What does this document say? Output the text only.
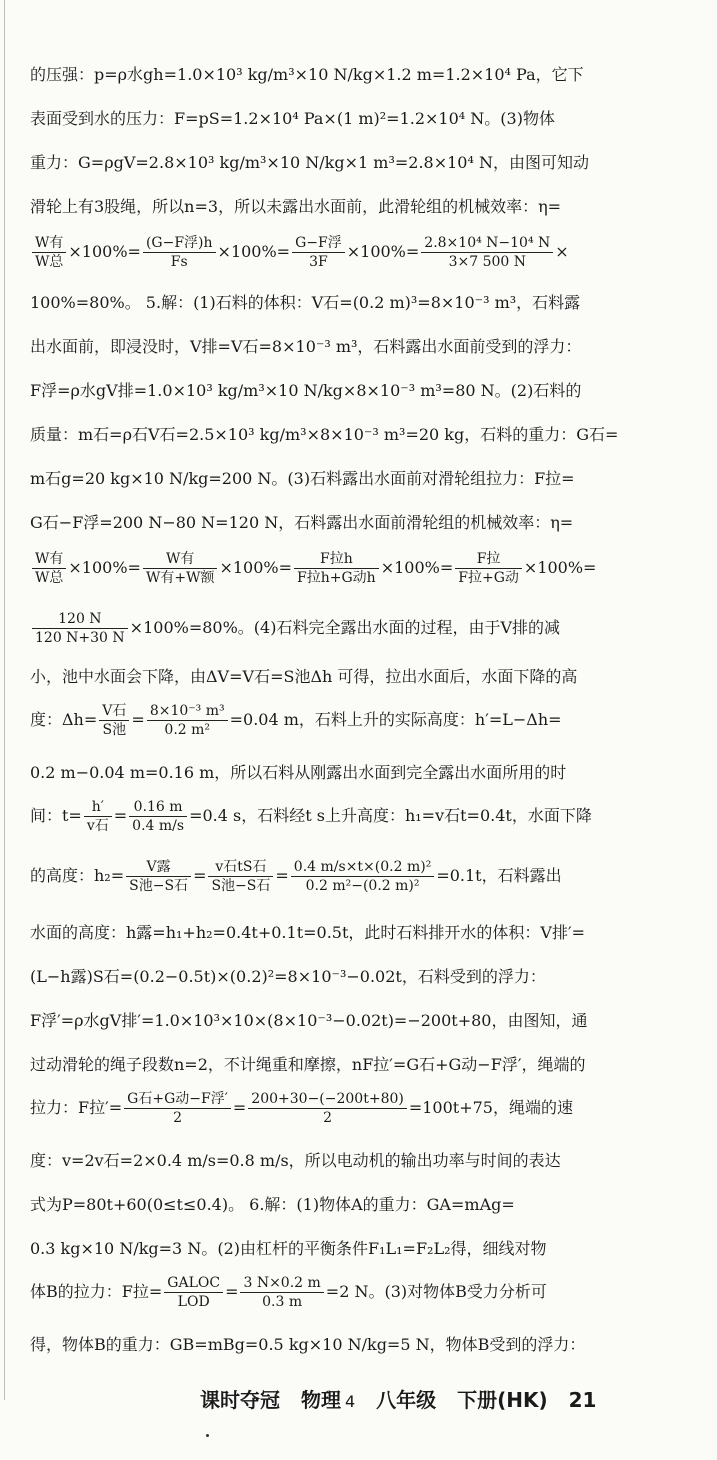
的压强：p=ρ水gh=1.0×10³ kg/m³×10 N/kg×1.2 m=1.2×10⁴ Pa，它下
表面受到水的压力：F=pS=1.2×10⁴ Pa×(1 m)²=1.2×10⁴ N。(3)物体
重力：G=ρgV=2.8×10³ kg/m³×10 N/kg×1 m³=2.8×10⁴ N，由图可知动
滑轮上有3股绳，所以n=3，所以未露出水面前，此滑轮组的机械效率：η=
$\frac{\text{W有}}{\text{W总}} \times 100\%= \frac{\text{(G−F浮)h}}{Fs} \times 100\%= \frac{\text{G−F浮}}{3F} \times 100\%= \frac{\text{2.8×10⁴ N−10⁴ N}}{3\times 7 500 N}$ ×
100%=80%。 5.解：(1)石料的体积：V石=(0.2 m)³=8×10⁻³ m³，石料露
出水面前，即浸没时，V排=V石=8×10⁻³ m³，石料露出水面前受到的浮力：
F浮=ρ水gV排=1.0×10³ kg/m³×10 N/kg×8×10⁻³ m³=80 N。(2)石料的
质量：m石=ρ石V石=2.5×10³ kg/m³×8×10⁻³ m³=20 kg，石料的重力：G石=
m石g=20 kg×10 N/kg=200 N。(3)石料露出水面前对滑轮组拉力：F拉=
G石−F浮=200 N−80 N=120 N，石料露出水面前滑轮组的机械效率：η=
$\frac{\text{W有}}{\text{W总}} \times 100\%= \frac{\text{W有}}{\text{W有+W额}} \times 100\%= \frac{\text{F拉h}}{\text{F拉h+G动h}} \times 100\%= \frac{\text{F拉}}{\text{F拉+G动}} \times 100\%=$
$\frac{120 N}{120 N+30 N} \times 100\%=80\%$。(4)石料完全露出水面的过程，由于V排的减
小，池中水面会下降，由ΔV=V石=S池Δh 可得，拉出水面后，水面下降的高
度：$\Delta h= \frac{\text{V石}}{\text{S池}} = \frac{\text{8×10⁻³ m³}}{\text{0.2 m²}} =0.04$ m，石料上升的实际高度：h′=L−Δh=
0.2 m−0.04 m=0.16 m，所以石料从刚露出水面到完全露出水面所用的时
间：$t= \frac{h'}{\text{v石}} = \frac{0.16 m}{0.4 m/s} =0.4$ s，石料经t s上升高度：h₁=v石t=0.4t，水面下降
的高度：$h_2= \frac{\text{V露}}{\text{S池−S石}} = \frac{\text{v石tS石}}{\text{S池−S石}} = \frac{\text{0.4 m/s×t×(0.2 m)²}}{\text{0.2 m²−(0.2 m)²}} =0.1t$，石料露出
水面的高度：h露=h₁+h₂=0.4t+0.1t=0.5t，此时石料排开水的体积：V排′=
(L−h露)S石=(0.2−0.5t)×(0.2)²=8×10⁻³−0.02t，石料受到的浮力：
F浮′=ρ水gV排′=1.0×10³×10×(8×10⁻³−0.02t)=−200t+80，由图知，通
过动滑轮的绳子段数n=2，不计绳重和摩擦，nF拉′=G石+G动−F浮′，绳端的
拉力：F拉′= $\frac{\text{G石+G动−F浮′}}{2} = \frac{200+30-(-200t+80)}{2} =100t+75$，绳端的速
度：v=2v石=2×0.4 m/s=0.8 m/s，所以电动机的输出功率与时间的表达
式为P=80t+60(0≤t≤0.4)。 6.解：(1)物体A的重力：GA=mAg=
0.3 kg×10 N/kg=3 N。(2)由杠杆的平衡条件F₁L₁=F₂L₂得，细线对物
体B的拉力：F拉= $\frac{\text{GALOC}}{\text{LOD}} = \frac{3 N\times 0.2 m}{0.3 m} =2$ N。(3)对物体B受力分析可
得，物体B的重力：GB=mBg=0.5 kg×10 N/kg=5 N，物体B受到的浮力：
课时夺冠 物理 4 八年级 下册(HK) 21
